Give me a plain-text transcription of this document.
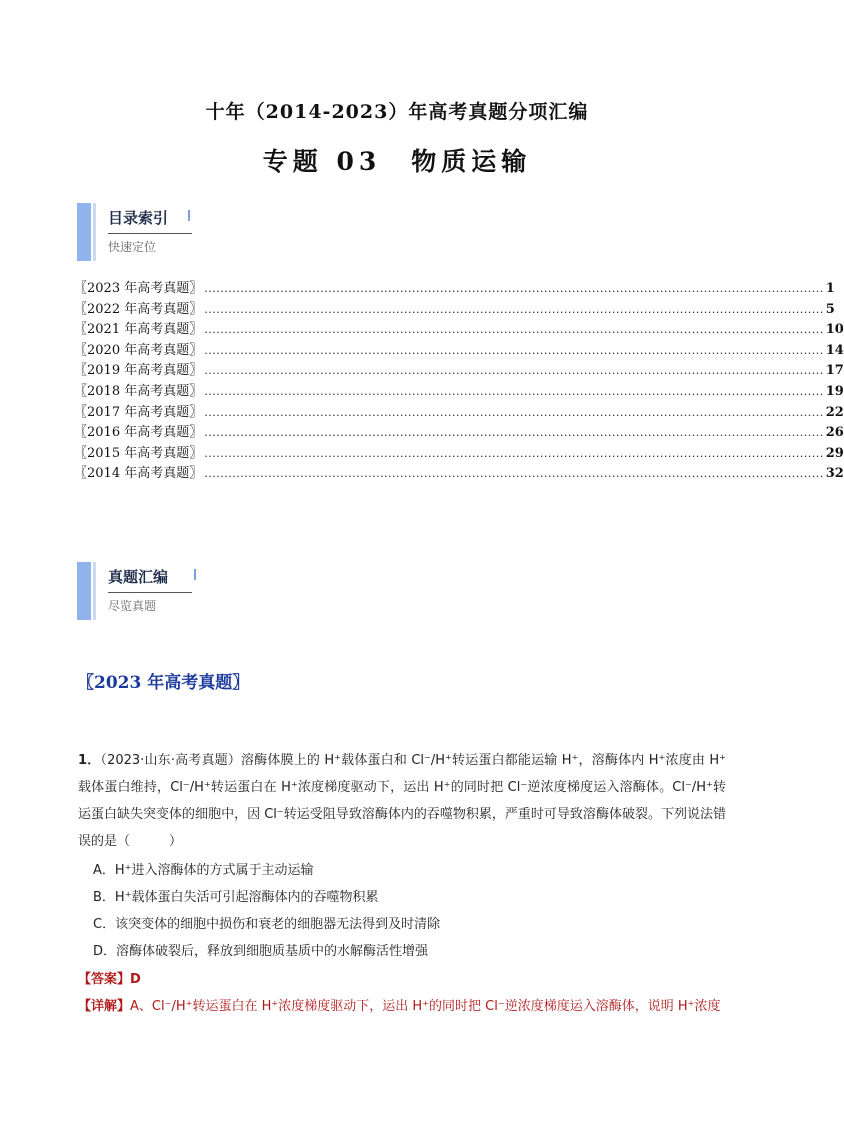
十年（2014-2023）年高考真题分项汇编
专题 03　物质运输
目录索引
快速定位
〖2023 年高考真题〗 ........................................................................................................................................................... 1
〖2022 年高考真题〗 ........................................................................................................................................................... 5
〖2021 年高考真题〗 ........................................................................................................................................................... 10
〖2020 年高考真题〗 ........................................................................................................................................................... 14
〖2019 年高考真题〗 ........................................................................................................................................................... 17
〖2018 年高考真题〗 ........................................................................................................................................................... 19
〖2017 年高考真题〗 ........................................................................................................................................................... 22
〖2016 年高考真题〗 ........................................................................................................................................................... 26
〖2015 年高考真题〗 ........................................................................................................................................................... 29
〖2014 年高考真题〗 ........................................................................................................................................................... 32
真题汇编
尽览真题
〖2023 年高考真题〗
1．（2023·山东·高考真题）溶酶体膜上的 H⁺载体蛋白和 Cl⁻/H⁺转运蛋白都能运输 H⁺，溶酶体内 H⁺浓度由 H⁺载体蛋白维持，Cl⁻/H⁺转运蛋白在 H⁺浓度梯度驱动下，运出 H⁺的同时把 Cl⁻逆浓度梯度运入溶酶体。Cl⁻/H⁺转运蛋白缺失突变体的细胞中，因 Cl⁻转运受阻导致溶酶体内的吞噬物积累，严重时可导致溶酶体破裂。下列说法错误的是（　　　）
A．H⁺进入溶酶体的方式属于主动运输
B．H⁺载体蛋白失活可引起溶酶体内的吞噬物积累
C．该突变体的细胞中损伤和衰老的细胞器无法得到及时清除
D．溶酶体破裂后，释放到细胞质基质中的水解酶活性增强
【答案】D
【详解】A、Cl⁻/H⁺转运蛋白在 H⁺浓度梯度驱动下，运出 H⁺的同时把 Cl⁻逆浓度梯度运入溶酶体，说明 H⁺浓度
